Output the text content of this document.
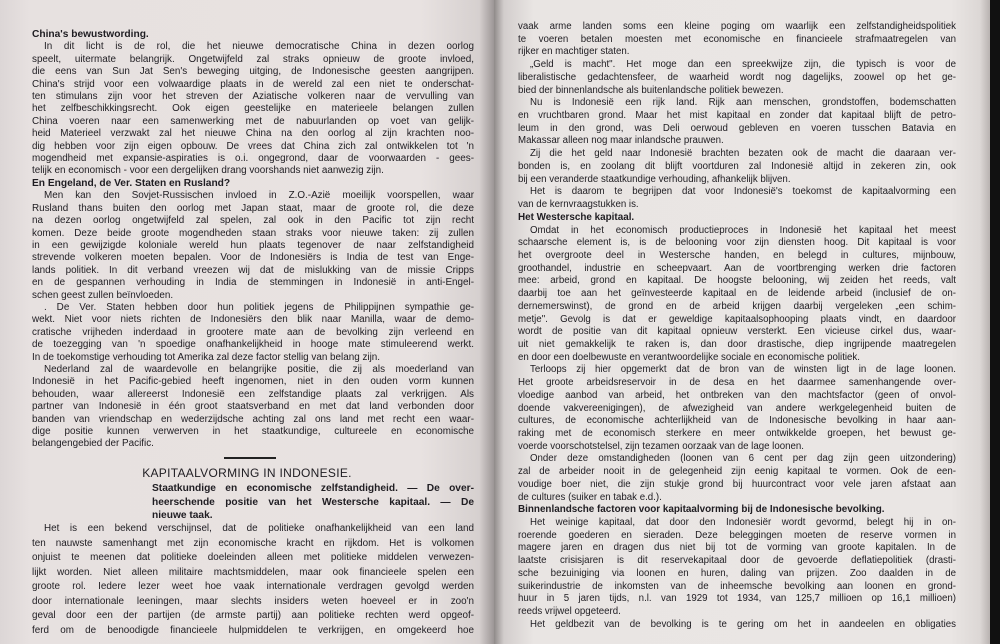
China's bewustwording.
In dit licht is de rol, die het nieuwe democratische China in dezen oorlog
speelt, uitermate belangrijk. Ongetwijfeld zal straks opnieuw de groote invloed,
die eens van Sun Jat Sen's beweging uitging, de Indonesische geesten aangrijpen.
China's strijd voor een volwaardige plaats in de wereld zal een niet te onderschat-
ten stimulans zijn voor het streven der Aziatische volkeren naar de vervulling van
het zelfbeschikkingsrecht. Ook eigen geestelijke en materieele belangen zullen
China voeren naar een samenwerking met de nabuurlanden op voet van gelijk-
heid Materieel verzwakt zal het nieuwe China na den oorlog al zijn krachten noo-
dig hebben voor zijn eigen opbouw. De vrees dat China zich zal ontwikkelen tot 'n
mogendheid met expansie-aspiraties is o.i. ongegrond, daar de voorwaarden - gees-
telijk en economisch - voor een dergelijken drang voorshands niet aanwezig zijn.
En Engeland, de Ver. Staten en Rusland?
Men kan den Sovjet-Russischen invloed in Z.O.-Azië moeilijk voorspellen, waar
Rusland thans buiten den oorlog met Japan staat, maar de groote rol, die deze
na dezen oorlog ongetwijfeld zal spelen, zal ook in den Pacific tot zijn recht
komen. Deze beide groote mogendheden staan straks voor nieuwe taken: zij zullen
in een gewijzigde koloniale wereld hun plaats tegenover de naar zelfstandigheid
strevende volkeren moeten bepalen. Voor de Indonesiërs is India de test van Enge-
lands politiek. In dit verband vreezen wij dat de mislukking van de missie Cripps
en de gespannen verhouding in India de stemmingen in Indonesië in anti-Engel-
schen geest zullen beïnvloeden.
. De Ver. Staten hebben door hun politiek jegens de Philippijnen sympathie ge-
wekt. Niet voor niets richten de Indonesiërs den blik naar Manilla, waar de demo-
cratische vrijheden inderdaad in grootere mate aan de bevolking zijn verleend en
de toezegging van 'n spoedige onafhankelijkheid in hooge mate stimuleerend werkt.
In de toekomstige verhouding tot Amerika zal deze factor stellig van belang zijn.
Nederland zal de waardevolle en belangrijke positie, die zij als moederland van
Indonesië in het Pacific-gebied heeft ingenomen, niet in den ouden vorm kunnen
behouden, waar allereerst Indonesië een zelfstandige plaats zal verkrijgen. Als
partner van Indonesië in één groot staatsverband en met dat land verbonden door
banden van vriendschap en wederzijdsche achting zal ons land met recht een waar-
dige positie kunnen verwerven in het staatkundige, cultureele en economische
belangengebied der Pacific.
KAPITAALVORMING IN INDONESIE.
Staatkundige en economische zelfstandigheid. — De over-
heerschende positie van het Westersche kapitaal. — De
nieuwe taak.
Het is een bekend verschijnsel, dat de politieke onafhankelijkheid van een land
ten nauwste samenhangt met zijn economische kracht en rijkdom. Het is volkomen
onjuist te meenen dat politieke doeleinden alleen met politieke middelen verwezen-
lijkt worden. Niet alleen militaire machtsmiddelen, maar ook financieele spelen een
groote rol. Iedere lezer weet hoe vaak internationale verdragen gevolgd werden
door internationale leeningen, maar slechts insiders weten hoeveel er in zoo'n
geval door een der partijen (de armste partij) aan politieke rechten werd opgeof-
ferd om de benoodigde financieele hulpmiddelen te verkrijgen, en omgekeerd hoe
vaak arme landen soms een kleine poging om waarlijk een zelfstandigheidspolitiek
te voeren betalen moesten met economische en financieele strafmaatregelen van
rijker en machtiger staten.
„Geld is macht". Het moge dan een spreekwijze zijn, die typisch is voor de
liberalistische gedachtensfeer, de waarheid wordt nog dagelijks, zoowel op het ge-
bied der binnenlandsche als buitenlandsche politiek bewezen.
Nu is Indonesië een rijk land. Rijk aan menschen, grondstoffen, bodemschatten
en vruchtbaren grond. Maar het mist kapitaal en zonder dat kapitaal blijft de petro-
leum in den grond, was Deli oerwoud gebleven en voeren tusschen Batavia en
Makassar alleen nog maar inlandsche prauwen.
Zij die het geld naar Indonesië brachten bezaten ook de macht die daaraan ver-
bonden is, en zoolang dit blijft voortduren zal Indonesië altijd in zekeren zin, ook
bij een veranderde staatkundige verhouding, afhankelijk blijven.
Het is daarom te begrijpen dat voor Indonesië's toekomst de kapitaalvorming een
van de kernvraagstukken is.
Het Westersche kapitaal.
Omdat in het economisch productieproces in Indonesië het kapitaal het meest
schaarsche element is, is de belooning voor zijn diensten hoog. Dit kapitaal is voor
het overgroote deel in Westersche handen, en belegd in cultures, mijnbouw,
groothandel, industrie en scheepvaart. Aan de voortbrenging werken drie factoren
mee: arbeid, grond en kapitaal. De hoogste belooning, wij zeiden het reeds, valt
daarbij toe aan het geïnvesteerde kapitaal en de leidende arbeid (inclusief de on-
dernemerswinst), de grond en de arbeid krijgen daarbij vergeleken „een schim-
metje". Gevolg is dat er geweldige kapitaalsophooping plaats vindt, en daardoor
wordt de positie van dit kapitaal opnieuw versterkt. Een vicieuse cirkel dus, waar-
uit niet gemakkelijk te raken is, dan door drastische, diep ingrijpende maatregelen
en door een doelbewuste en verantwoordelijke sociale en economische politiek.
Terloops zij hier opgemerkt dat de bron van de winsten ligt in de lage loonen.
Het groote arbeidsreservoir in de desa en het daarmee samenhangende over-
vloedige aanbod van arbeid, het ontbreken van den machtsfactor (geen of onvol-
doende vakvereenigingen), de afwezigheid van andere werkgelegenheid buiten de
cultures, de economische achterlijkheid van de Indonesische bevolking in haar aan-
raking met de economisch sterkere en meer ontwikkelde groepen, het bewust ge-
voerde voorschotstelsel, zijn tezamen oorzaak van de lage loonen.
Onder deze omstandigheden (loonen van 6 cent per dag zijn geen uitzondering)
zal de arbeider nooit in de gelegenheid zijn eenig kapitaal te vormen. Ook de een-
voudige boer niet, die zijn stukje grond bij huurcontract voor vele jaren afstaat aan
de cultures (suiker en tabak e.d.).
Binnenlandsche factoren voor kapitaalvorming bij de Indonesische bevolking.
Het weinige kapitaal, dat door den Indonesiër wordt gevormd, belegt hij in on-
roerende goederen en sieraden. Deze beleggingen moeten de reserve vormen in
magere jaren en dragen dus niet bij tot de vorming van groote kapitalen. In de
laatste crisisjaren is dit reservekapitaal door de gevoerde deflatiepolitiek (drasti-
sche bezuiniging via loonen en huren, daling van prijzen. Zoo daalden in de
suikerindustrie de inkomsten van de inheemsche bevolking aan loonen en grond-
huur in 5 jaren tijds, n.l. van 1929 tot 1934, van 125,7 millioen op 16,1 millioen)
reeds vrijwel opgeteerd.
Het geldbezit van de bevolking is te gering om het in aandeelen en obligaties
